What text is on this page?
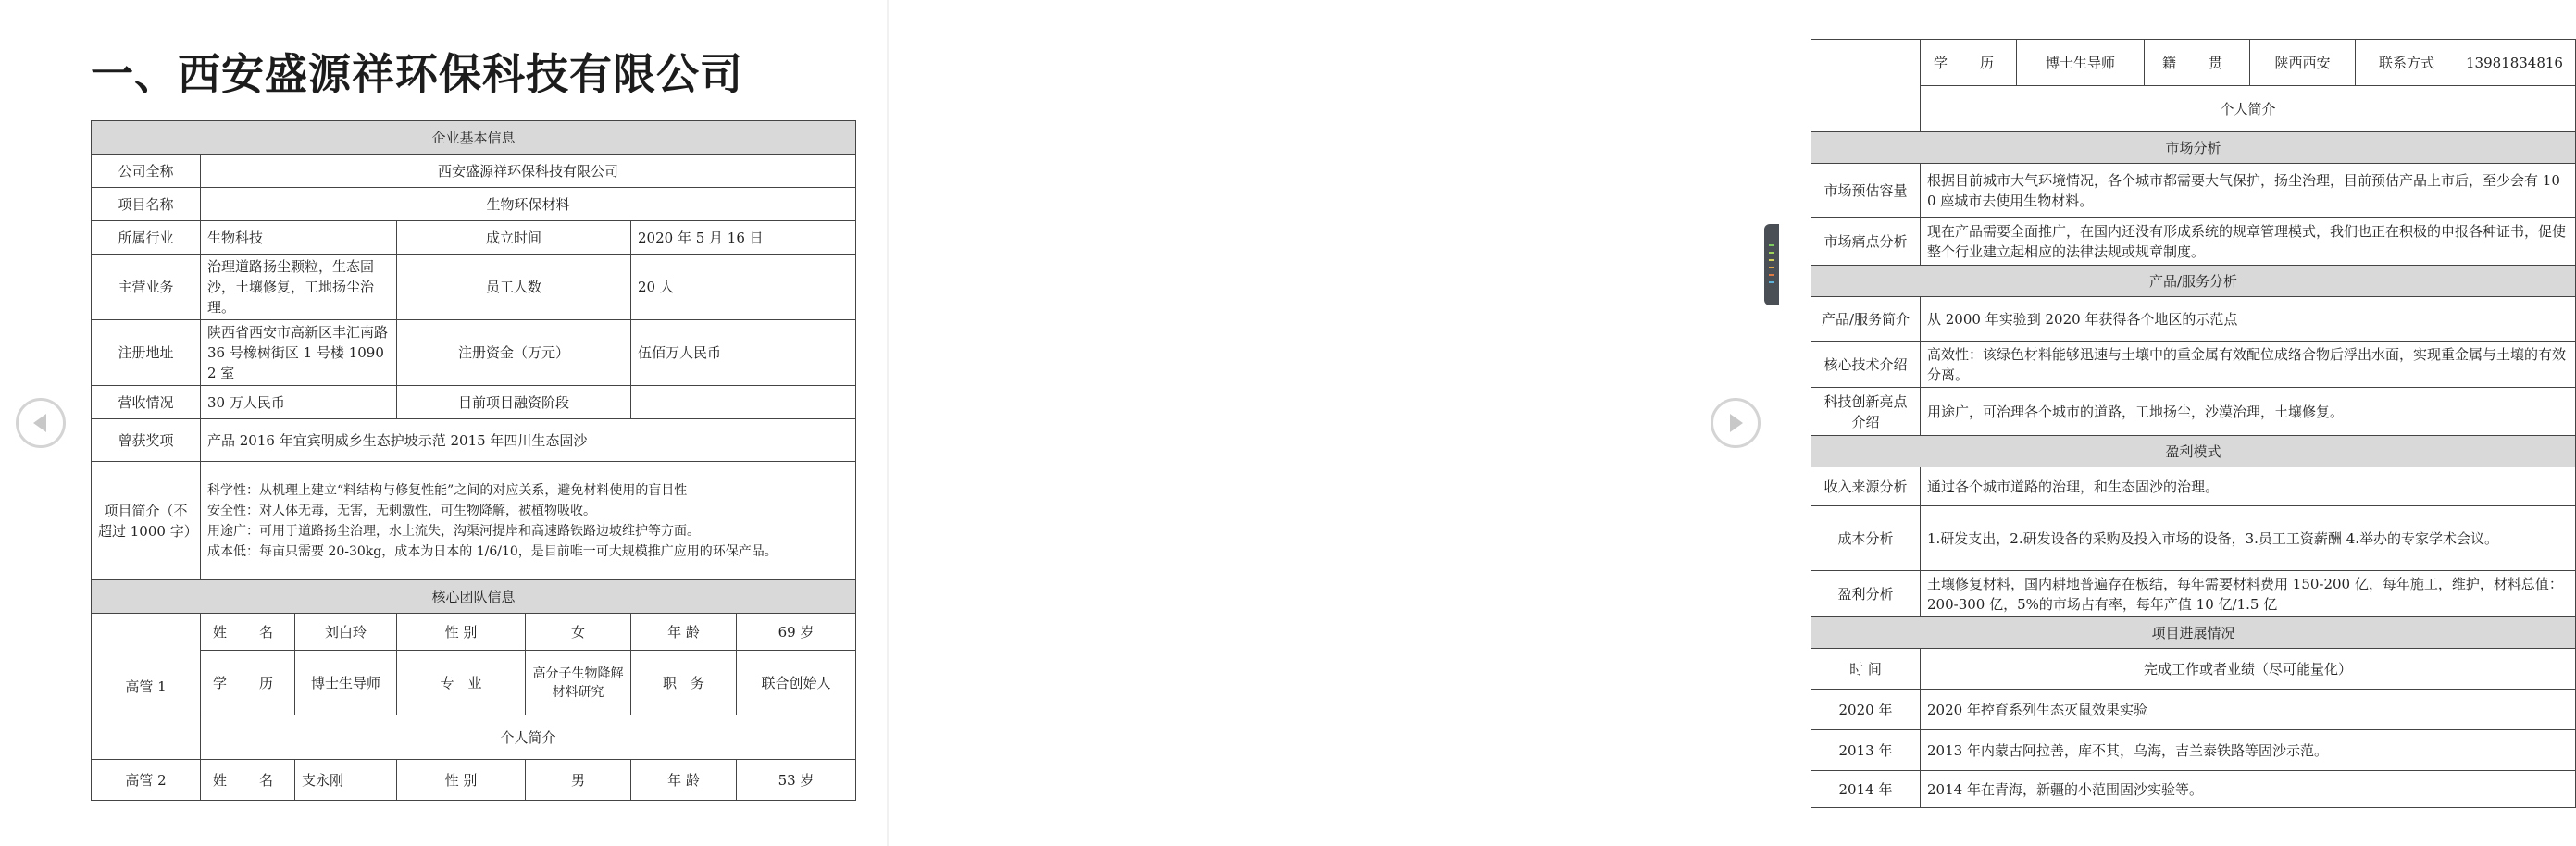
一、西安盛源祥环保科技有限公司
企业基本信息						
公司全称	西安盛源祥环保科技有限公司					
项目名称	生物环保材料					
所属行业	生物科技		成立时间		2020 年 5 月 16 日	
主营业务	治理道路扬尘颗粒，生态固沙，土壤修复，工地扬尘治理。		员工人数		20 人	
注册地址	陕西省西安市高新区丰汇南路 36 号橡树街区 1 号楼 10902 室		注册资金（万元）		伍佰万人民币	
营收情况	30 万人民币		目前项目融资阶段			
曾获奖项	产品 2016 年宜宾明威乡生态护坡示范 2015 年四川生态固沙					
项目简介（不超过 1000 字）	科学性：从机理上建立“料结构与修复性能”之间的对应关系，避免材料使用的盲目性
安全性：对人体无毒，无害，无刺激性，可生物降解，被植物吸收。
用途广：可用于道路扬尘治理，水土流失，沟渠河提岸和高速路铁路边坡维护等方面。
成本低：每亩只需要 20-30kg，成本为日本的 1/6/10，是目前唯一可大规模推广应用的环保产品。					

核心团队信息						
高管 1	姓　名	刘白玲	性 别	女	年 龄	69 岁
	学　历	博士生导师	专　业	高分子生物降解材料研究	职　务	联合创始人
	个人简介					
高管 2	姓　名	支永刚	性 别	男	年 龄	53 岁
	学　历	博士生导师	籍　贯	陕西西安	联系方式 13981834816

	个人简介				
市场分析					
市场预估容量	根据目前城市大气环境情况，各个城市都需要大气保护，扬尘治理，目前预估产品上市后，至少会有 100 座城市去使用生物材料。				
市场痛点分析	现在产品需要全面推广，在国内还没有形成系统的规章管理模式，我们也正在积极的申报各种证书，促使整个行业建立起相应的法律法规或规章制度。				
产品/服务分析					
产品/服务简介	从 2000 年实验到 2020 年获得各个地区的示范点				
核心技术介绍	高效性：该绿色材料能够迅速与土壤中的重金属有效配位成络合物后浮出水面，实现重金属与土壤的有效分离。				
科技创新亮点介绍	用途广，可治理各个城市的道路，工地扬尘，沙漠治理，土壤修复。				
盈利模式					
收入来源分析	通过各个城市道路的治理，和生态固沙的治理。				
成本分析	1.研发支出，2.研发设备的采购及投入市场的设备，3.员工工资薪酬 4.举办的专家学术会议。				
盈利分析	土壤修复材料，国内耕地普遍存在板结，每年需要材料费用 150-200 亿，每年施工，维护，材料总值：200-300 亿，5%的市场占有率，每年产值 10 亿/1.5 亿				
项目进展情况					
时 间	完成工作或者业绩（尽可能量化）				
2020 年	2020 年控育系列生态灭鼠效果实验				
2013 年	2013 年内蒙古阿拉善，库不其，乌海，吉兰泰铁路等固沙示范。				
2014 年	2014 年在青海，新疆的小范围固沙实验等。				
